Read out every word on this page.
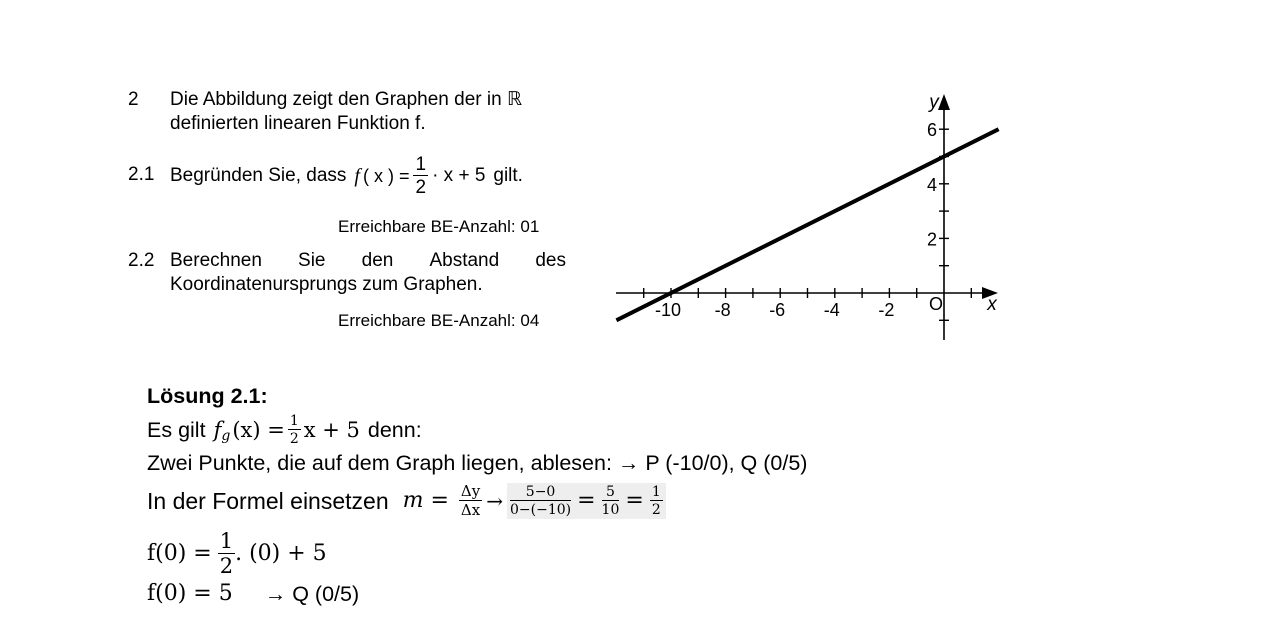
2 Die Abbildung zeigt den Graphen der in ℝ
definierten linearen Funktion f.
2.1 Begründen Sie, dass f ( x ) = $\frac{1}{2} \cdot x + 5$ gilt.
Erreichbare BE-Anzahl: 01
2.2 Berechnen Sie den Abstand des
Koordinatenursprungs zum Graphen.
Erreichbare BE-Anzahl: 04
-10 -8 -6 -4 -2
2
4
6
O x
y
Lösung 2.1:
Es gilt f g $(x) = \frac{1}{2}$ x + 5 denn:
Zwei Punkte, die auf dem Graph liegen, ablesen: → P (-10/0), Q (0/5)
In der Formel einsetzen $m = \frac{\Delta y}{\Delta x} \to \frac{5-0}{0-(-10)} = \frac{5}{10} = \frac{1}{2}$
$f(0) = \frac{1}{2}$ . (0) + 5
f(0) = 5 → Q (0/5)
